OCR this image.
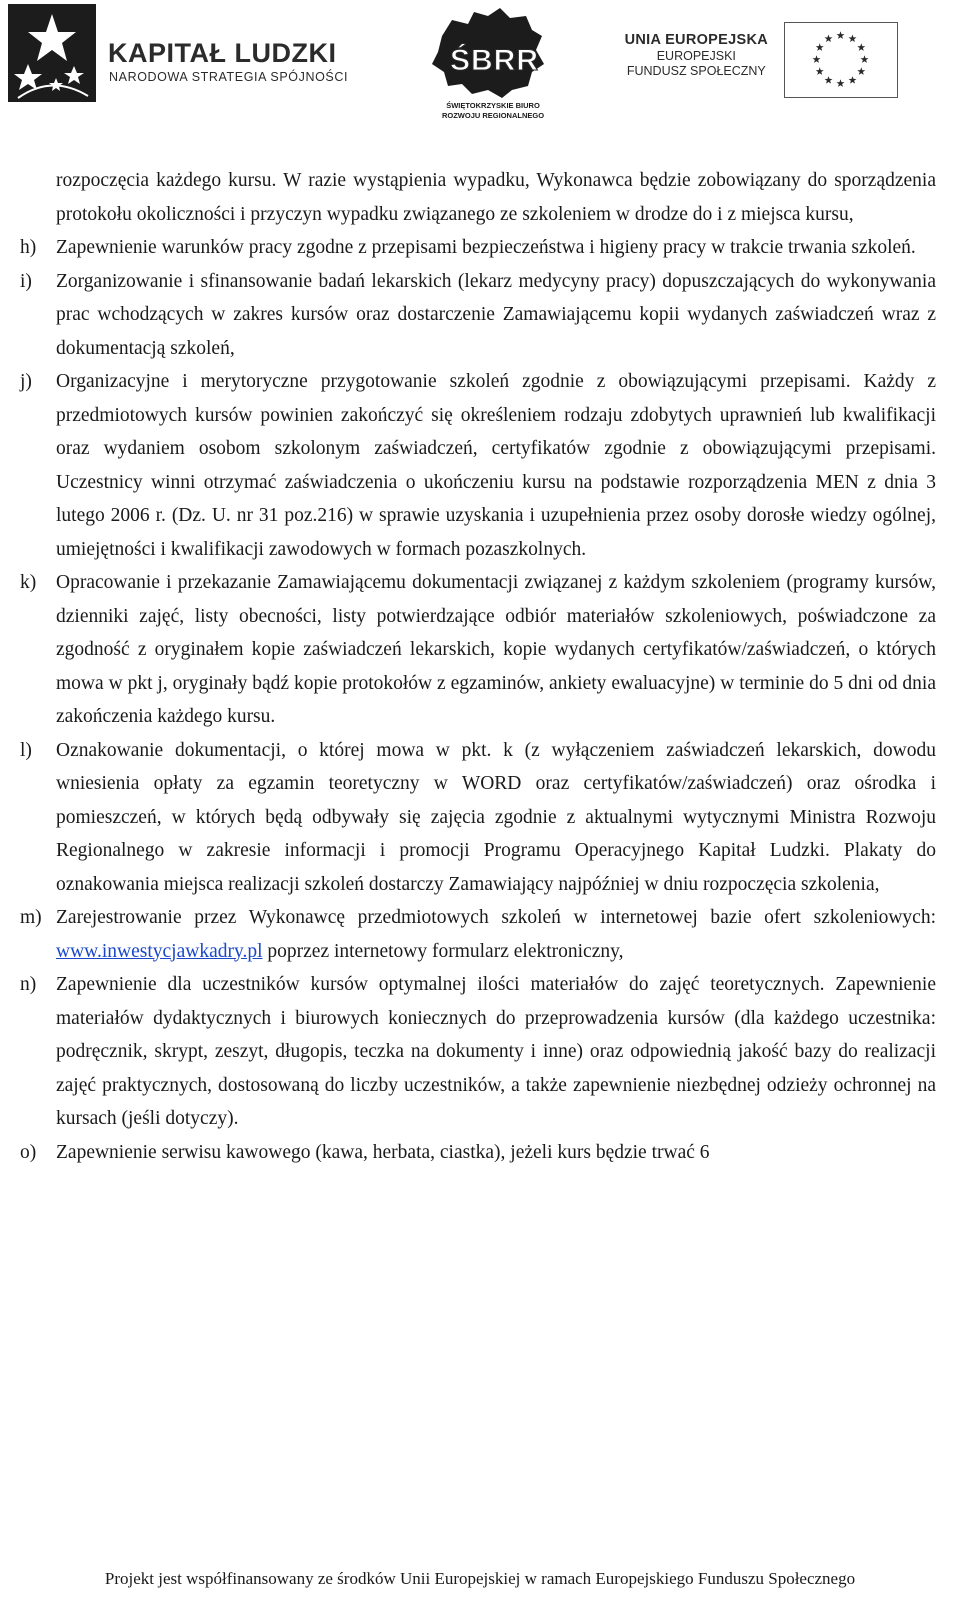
KAPITAŁ LUDZKI
NARODOWA STRATEGIA SPÓJNOŚCI	ŚBRR
ŚWIĘTOKRZYSKIE BIURO
ROZWOJU REGIONALNEGO
UNIA EUROPEJSKA
EUROPEJSKI
FUNDUSZ SPOŁECZNY

rozpoczęcia każdego kursu. W razie wystąpienia wypadku, Wykonawca będzie zobowiązany do sporządzenia protokołu okoliczności i przyczyn wypadku związanego ze szkoleniem w drodze do i z miejsca kursu,

h) Zapewnienie warunków pracy zgodne z przepisami bezpieczeństwa i higieny pracy w trakcie trwania szkoleń.

i) Zorganizowanie i sfinansowanie badań lekarskich (lekarz medycyny pracy) dopuszczających do wykonywania prac wchodzących w zakres kursów oraz dostarczenie Zamawiającemu kopii wydanych zaświadczeń wraz z dokumentacją szkoleń,

j) Organizacyjne i merytoryczne przygotowanie szkoleń zgodnie z obowiązującymi przepisami. Każdy z przedmiotowych kursów powinien zakończyć się określeniem rodzaju zdobytych uprawnień lub kwalifikacji oraz wydaniem osobom szkolonym zaświadczeń, certyfikatów zgodnie z obowiązującymi przepisami. Uczestnicy winni otrzymać zaświadczenia o ukończeniu kursu na podstawie rozporządzenia MEN z dnia 3 lutego 2006 r. (Dz. U. nr 31 poz.216) w sprawie uzyskania i uzupełnienia przez osoby dorosłe wiedzy ogólnej, umiejętności i kwalifikacji zawodowych w formach pozaszkolnych.

k) Opracowanie i przekazanie Zamawiającemu dokumentacji związanej z każdym szkoleniem (programy kursów, dzienniki zajęć, listy obecności, listy potwierdzające odbiór materiałów szkoleniowych, poświadczone za zgodność z oryginałem kopie zaświadczeń lekarskich, kopie wydanych certyfikatów/zaświadczeń, o których mowa w pkt j, oryginały bądź kopie protokołów z egzaminów, ankiety ewaluacyjne) w terminie do 5 dni od dnia zakończenia każdego kursu.

l) Oznakowanie dokumentacji, o której mowa w pkt. k (z wyłączeniem zaświadczeń lekarskich, dowodu wniesienia opłaty za egzamin teoretyczny w WORD oraz certyfikatów/zaświadczeń) oraz ośrodka i pomieszczeń, w których będą odbywały się zajęcia zgodnie z aktualnymi wytycznymi Ministra Rozwoju Regionalnego w zakresie informacji i promocji Programu Operacyjnego Kapitał Ludzki. Plakaty do oznakowania miejsca realizacji szkoleń dostarczy Zamawiający najpóźniej w dniu rozpoczęcia szkolenia,

m) Zarejestrowanie przez Wykonawcę przedmiotowych szkoleń w internetowej bazie ofert szkoleniowych: www.inwestycjawkadry.pl poprzez internetowy formularz elektroniczny,

n) Zapewnienie dla uczestników kursów optymalnej ilości materiałów do zajęć teoretycznych. Zapewnienie materiałów dydaktycznych i biurowych koniecznych do przeprowadzenia kursów (dla każdego uczestnika: podręcznik, skrypt, zeszyt, długopis, teczka na dokumenty i inne) oraz odpowiednią jakość bazy do realizacji zajęć praktycznych, dostosowaną do liczby uczestników, a także zapewnienie niezbędnej odzieży ochronnej na kursach (jeśli dotyczy).

o) Zapewnienie serwisu kawowego (kawa, herbata, ciastka), jeżeli kurs będzie trwać 6

Projekt jest współfinansowany ze środków Unii Europejskiej w ramach Europejskiego Funduszu Społecznego
